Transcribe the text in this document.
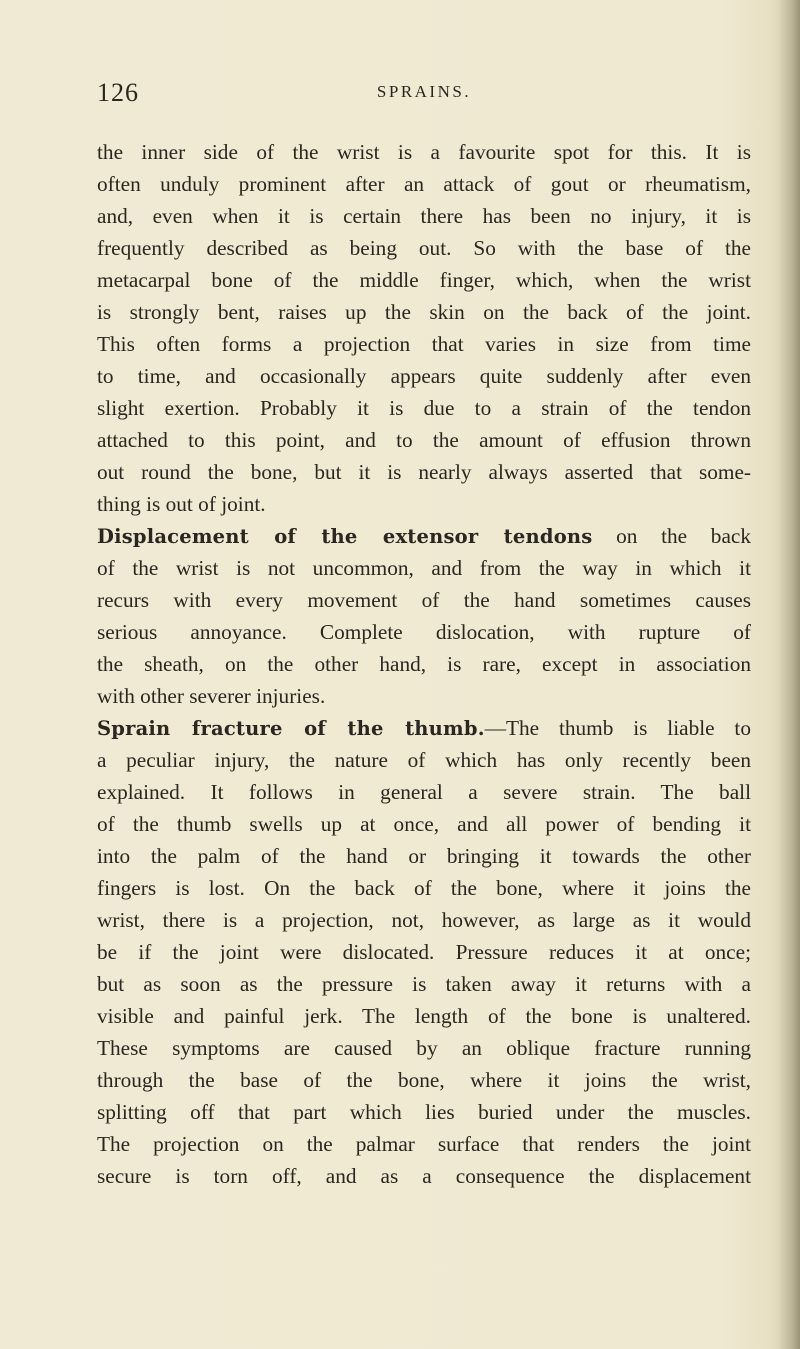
126	SPRAINS.
the inner side of the wrist is a favourite spot for this. It is
often unduly prominent after an attack of gout or rheumatism,
and, even when it is certain there has been no injury, it is
frequently described as being out. So with the base of the
metacarpal bone of the middle finger, which, when the wrist
is strongly bent, raises up the skin on the back of the joint.
This often forms a projection that varies in size from time
to time, and occasionally appears quite suddenly after even
slight exertion. Probably it is due to a strain of the tendon
attached to this point, and to the amount of effusion thrown
out round the bone, but it is nearly always asserted that some-
thing is out of joint.
Displacement of the extensor tendons on the back
of the wrist is not uncommon, and from the way in which it
recurs with every movement of the hand sometimes causes
serious annoyance. Complete dislocation, with rupture of
the sheath, on the other hand, is rare, except in association
with other severer injuries.
Sprain fracture of the thumb.—The thumb is liable to
a peculiar injury, the nature of which has only recently been
explained. It follows in general a severe strain. The ball
of the thumb swells up at once, and all power of bending it
into the palm of the hand or bringing it towards the other
fingers is lost. On the back of the bone, where it joins the
wrist, there is a projection, not, however, as large as it would
be if the joint were dislocated. Pressure reduces it at once;
but as soon as the pressure is taken away it returns with a
visible and painful jerk. The length of the bone is unaltered.
These symptoms are caused by an oblique fracture running
through the base of the bone, where it joins the wrist,
splitting off that part which lies buried under the muscles.
The projection on the palmar surface that renders the joint
secure is torn off, and as a consequence the displacement
